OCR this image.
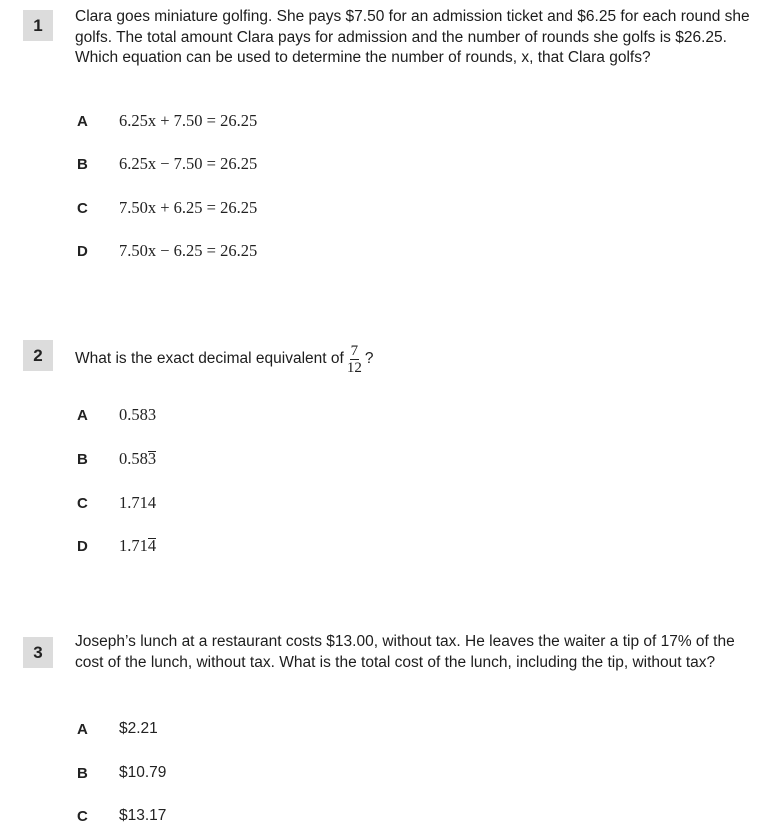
1	Clara goes miniature golfing. She pays $7.50 for an admission ticket and $6.25 for each round she golfs. The total amount Clara pays for admission and the number of rounds she golfs is $26.25. Which equation can be used to determine the number of rounds, x, that Clara golfs?
A	6.25x + 7.50 = 26.25
B	6.25x − 7.50 = 26.25
C	7.50x + 6.25 = 26.25
D	7.50x − 6.25 = 26.25
2	What is the exact decimal equivalent of $\frac{7}{12}$ ?
A	0.583
B	0.583
C	1.714
D	1.714
3
Joseph’s lunch at a restaurant costs $13.00, without tax. He leaves the waiter a tip of 17% of the cost of the lunch, without tax. What is the total cost of the lunch, including the tip, without tax?
A	$2.21
B	$10.79
C	$13.17
